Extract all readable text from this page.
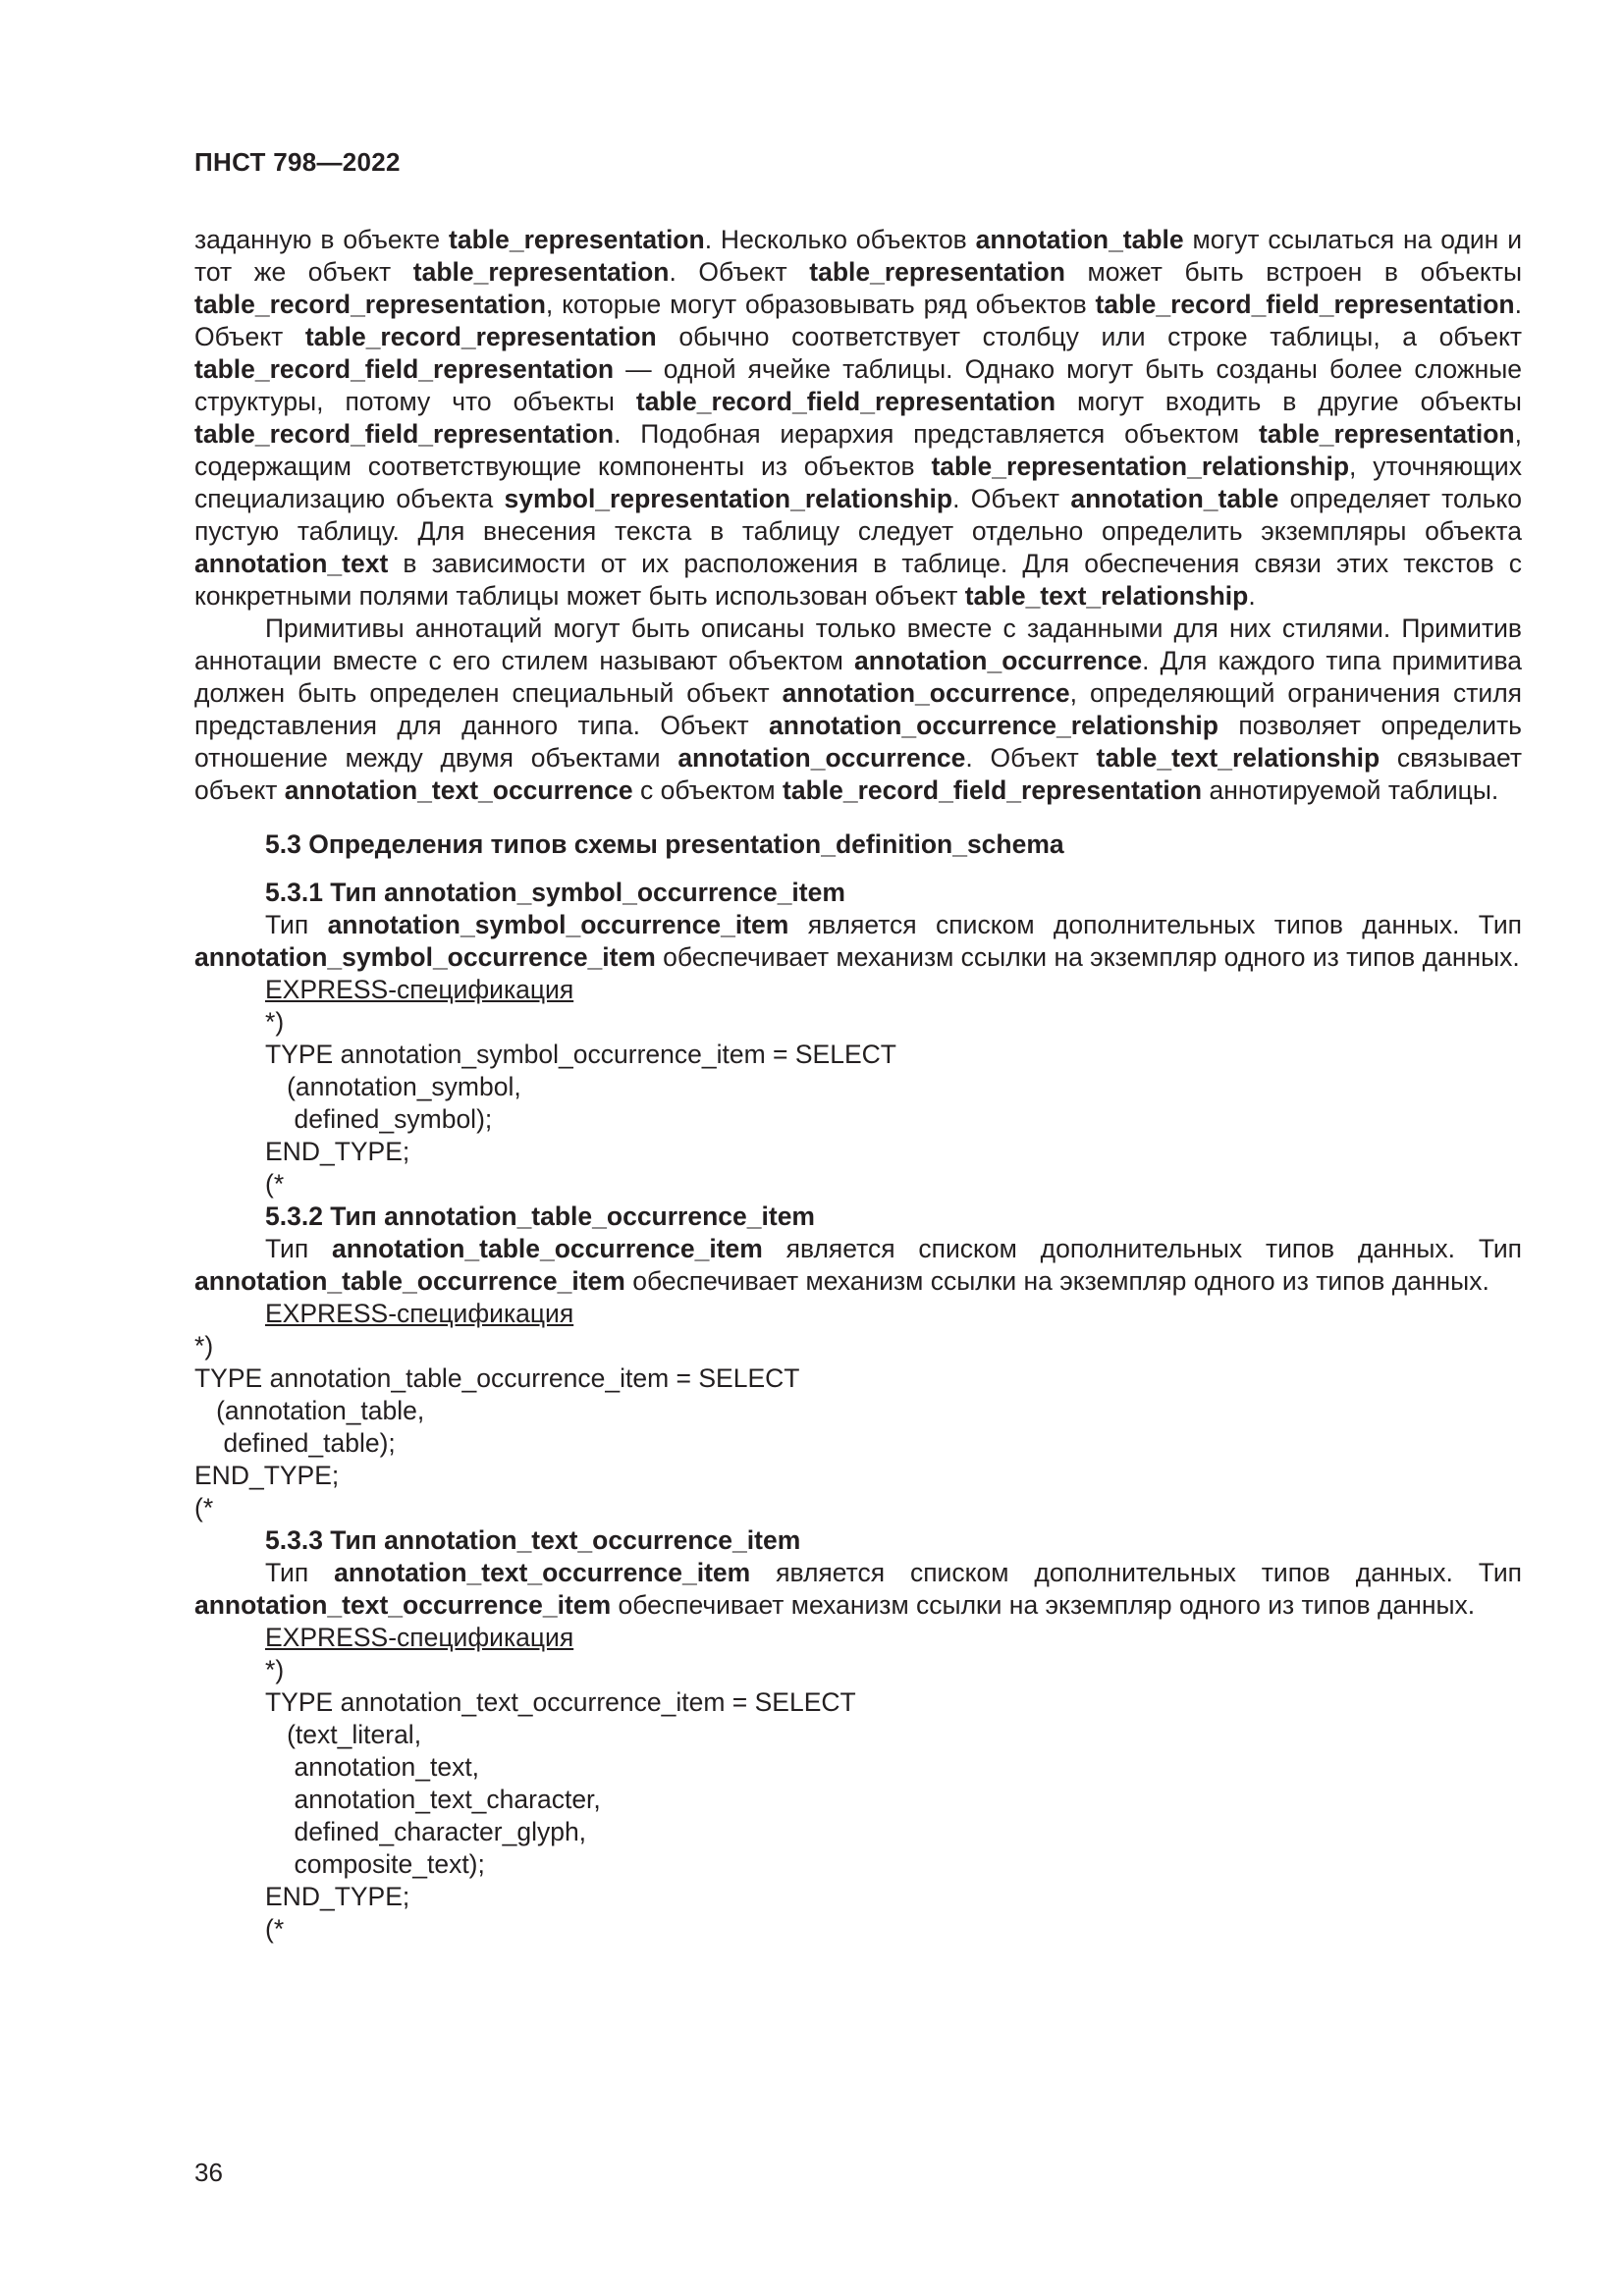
ПНСТ 798—2022

заданную в объекте table_representation. Несколько объектов annotation_table могут ссылаться на один и тот же объект table_representation. Объект table_representation может быть встроен в объекты table_record_representation, которые могут образовывать ряд объектов table_record_field_representation. Объект table_record_representation обычно соответствует столбцу или строке таблицы, а объект table_record_field_representation — одной ячейке таблицы. Однако могут быть созданы более сложные структуры, потому что объекты table_record_field_representation могут входить в другие объекты table_record_field_representation. Подобная иерархия представляется объектом table_representation, содержащим соответствующие компоненты из объектов table_representation_relationship, уточняющих специализацию объекта symbol_representation_relationship. Объект annotation_table определяет только пустую таблицу. Для внесения текста в таблицу следует отдельно определить экземпляры объекта annotation_text в зависимости от их расположения в таблице. Для обеспечения связи этих текстов с конкретными полями таблицы может быть использован объект table_text_relationship.

Примитивы аннотаций могут быть описаны только вместе с заданными для них стилями. Примитив аннотации вместе с его стилем называют объектом annotation_occurrence. Для каждого типа примитива должен быть определен специальный объект annotation_occurrence, определяющий ограничения стиля представления для данного типа. Объект annotation_occurrence_relationship позволяет определить отношение между двумя объектами annotation_occurrence. Объект table_text_relationship связывает объект annotation_text_occurrence с объектом table_record_field_representation аннотируемой таблицы.

5.3 Определения типов схемы presentation_definition_schema

5.3.1 Тип annotation_symbol_occurrence_item

Тип annotation_symbol_occurrence_item является списком дополнительных типов данных. Тип annotation_symbol_occurrence_item обеспечивает механизм ссылки на экземпляр одного из типов данных.

EXPRESS-спецификация

*)
TYPE annotation_symbol_occurrence_item = SELECT
(annotation_symbol,
defined_symbol);
END_TYPE;
(*

5.3.2 Тип annotation_table_occurrence_item

Тип annotation_table_occurrence_item является списком дополнительных типов данных. Тип annotation_table_occurrence_item обеспечивает механизм ссылки на экземпляр одного из типов данных.

EXPRESS-спецификация

*)
TYPE annotation_table_occurrence_item = SELECT
(annotation_table,
defined_table);
END_TYPE;
(*

5.3.3 Тип annotation_text_occurrence_item

Тип annotation_text_occurrence_item является списком дополнительных типов данных. Тип annotation_text_occurrence_item обеспечивает механизм ссылки на экземпляр одного из типов данных.

EXPRESS-спецификация

*)
TYPE annotation_text_occurrence_item = SELECT
(text_literal,
annotation_text,
annotation_text_character,
defined_character_glyph,
composite_text);
END_TYPE;
(*
36
